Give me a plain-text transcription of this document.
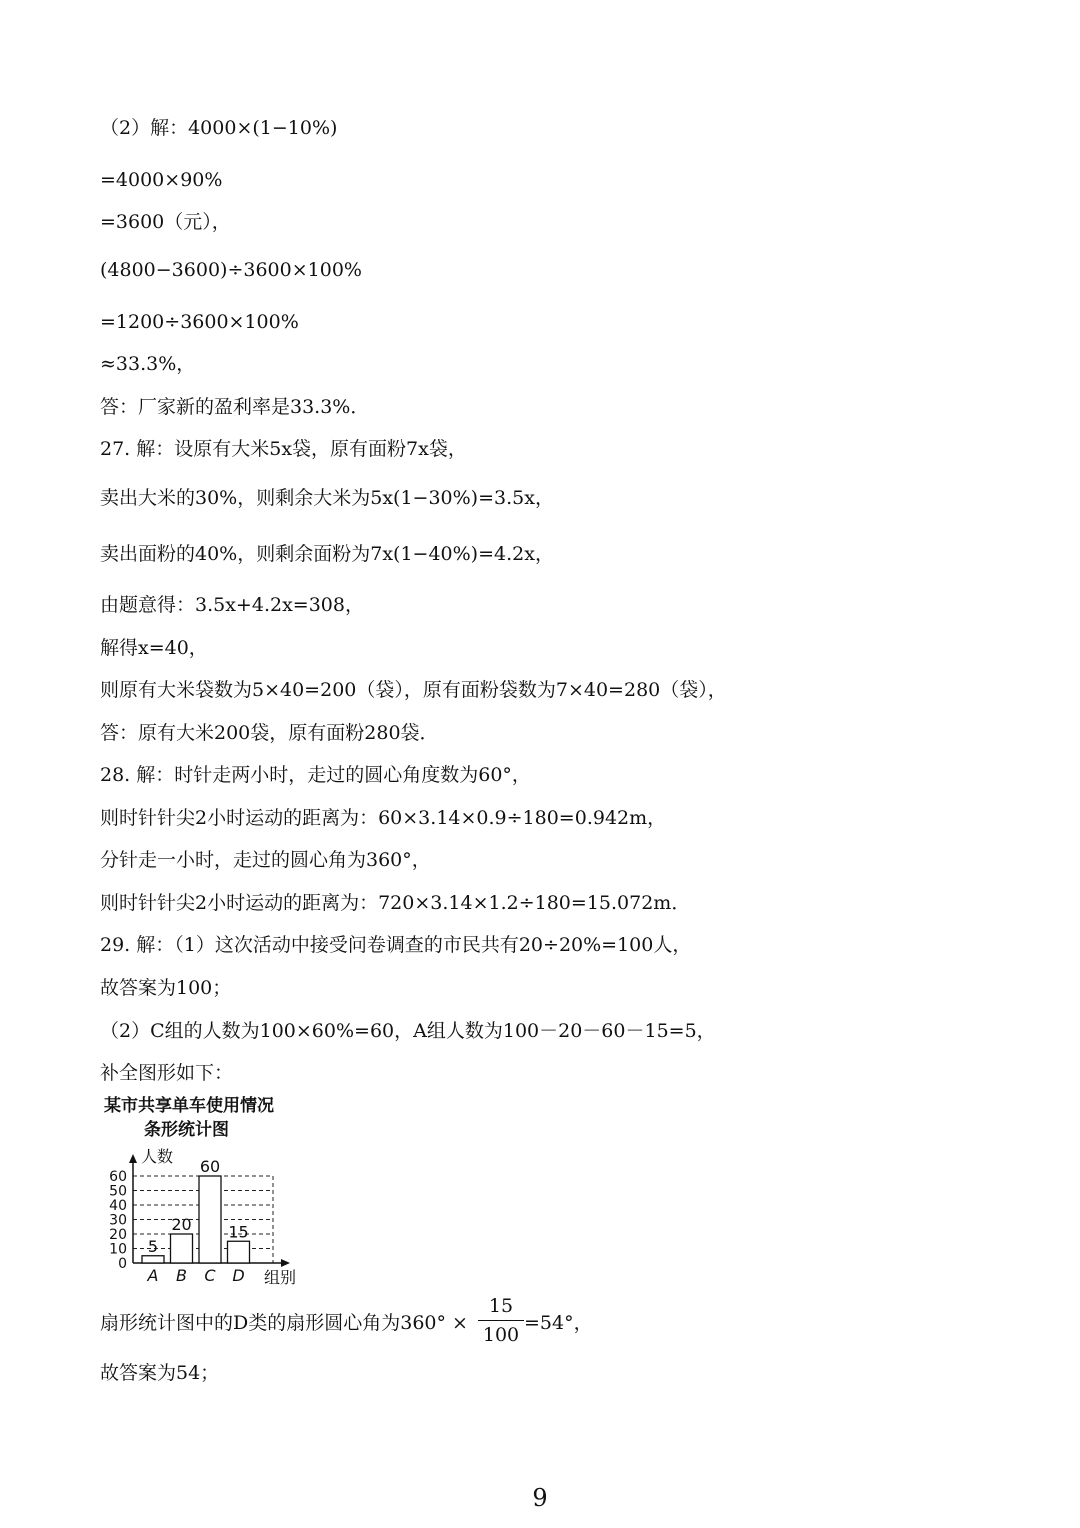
（2）解：4000×(1−10%)
=4000×90%
=3600（元），
(4800−3600)÷3600×100%
=1200÷3600×100%
≈33.3%，
答：厂家新的盈利率是33.3%．
27. 解：设原有大米5x袋，原有面粉7x袋，
卖出大米的30%，则剩余大米为5x(1−30%)=3.5x，
卖出面粉的40%，则剩余面粉为7x(1−40%)=4.2x，
由题意得：3.5x+4.2x=308，
解得x=40，
则原有大米袋数为5×40=200（袋），原有面粉袋数为7×40=280（袋），
答：原有大米200袋，原有面粉280袋．
28. 解：时针走两小时，走过的圆心角度数为60°，
则时针针尖2小时运动的距离为：60×3.14×0.9÷180=0.942m，
分针走一小时，走过的圆心角为360°，
则时针针尖2小时运动的距离为：720×3.14×1.2÷180=15.072m．
29. 解：（1）这次活动中接受问卷调查的市民共有20÷20%=100人，
故答案为100；
（2）C组的人数为100×60%=60，A组人数为100－20－60－15=5，
补全图形如下：
某市共享单车使用情况
条形统计图
0
10
20
30
40
50
60
5
A
20
B
60
C
15
D
人数
组别
扇形统计图中的D类的扇形圆心角为360° ×
15
100
=54°，
故答案为54；
9
